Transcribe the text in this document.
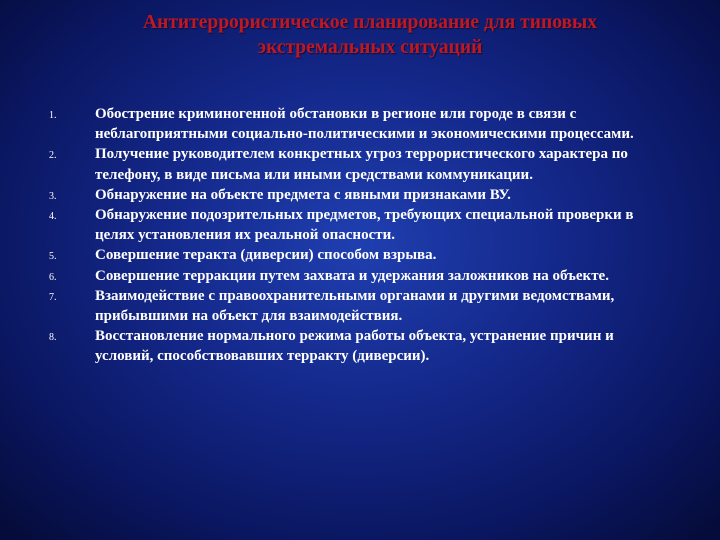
Антитеррористическое планирование для типовых
экстремальных ситуаций
1.	Обострение криминогенной обстановки в регионе или городе в связи с неблагоприятными социально-политическими и экономическими процессами.
2.	Получение руководителем конкретных угроз террористического характера по телефону, в виде письма или иными средствами коммуникации.
3.	Обнаружение на объекте предмета с явными признаками ВУ.
4.	Обнаружение подозрительных предметов, требующих специальной проверки в целях установления их реальной опасности.
5.	Совершение теракта (диверсии) способом взрыва.
6.	Совершение терракции путем захвата и удержания заложников на объекте.
7.	Взаимодействие с правоохранительными органами и другими ведомствами, прибывшими на объект для взаимодействия.
8.	Восстановление нормального режима работы объекта, устранение причин и условий, способствовавших терракту (диверсии).
